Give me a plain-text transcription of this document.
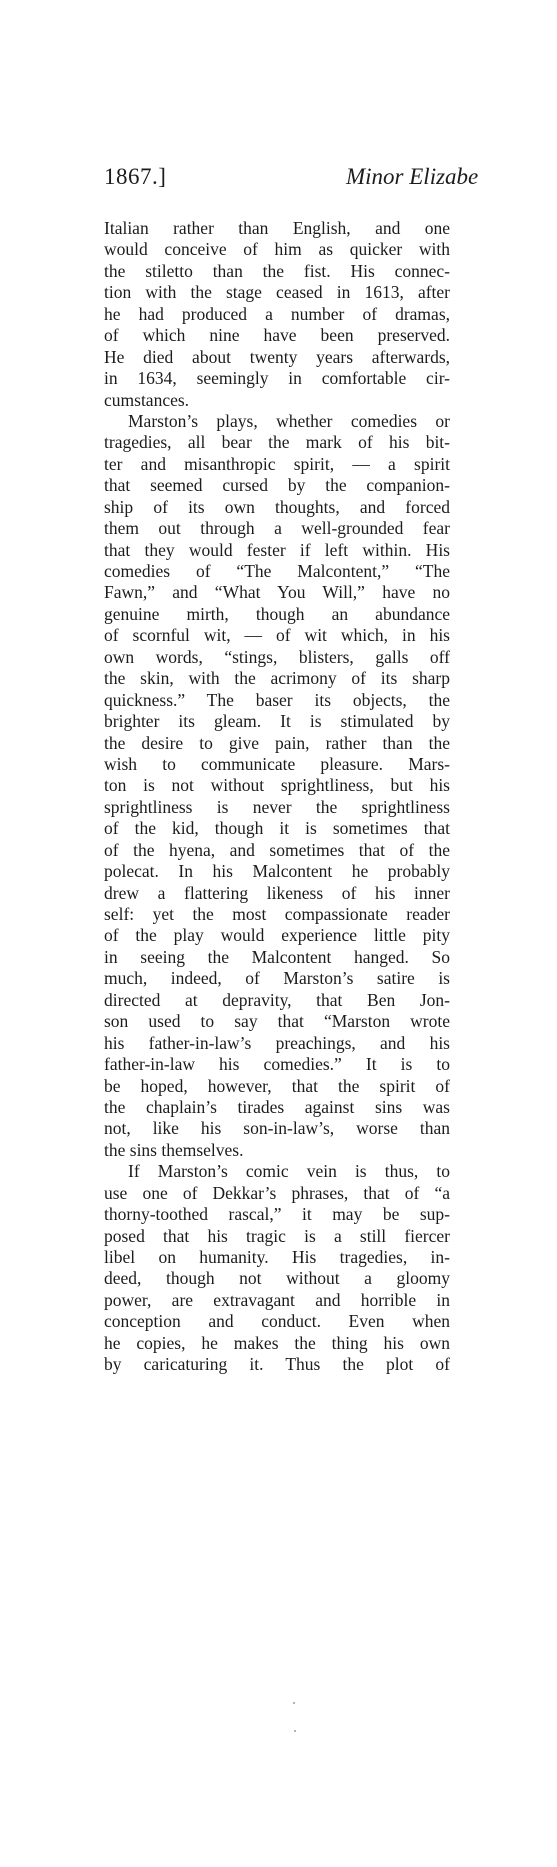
1867.]	Minor Elizabe
Italian rather than English, and one
would conceive of him as quicker with
the stiletto than the fist. His connec-
tion with the stage ceased in 1613, after
he had produced a number of dramas,
of which nine have been preserved.
He died about twenty years afterwards,
in 1634, seemingly in comfortable cir-
cumstances.
Marston’s plays, whether comedies or
tragedies, all bear the mark of his bit-
ter and misanthropic spirit, — a spirit
that seemed cursed by the companion-
ship of its own thoughts, and forced
them out through a well-grounded fear
that they would fester if left within. His
comedies of “The Malcontent,” “The
Fawn,” and “What You Will,” have no
genuine mirth, though an abundance
of scornful wit, — of wit which, in his
own words, “stings, blisters, galls off
the skin, with the acrimony of its sharp
quickness.” The baser its objects, the
brighter its gleam. It is stimulated by
the desire to give pain, rather than the
wish to communicate pleasure. Mars-
ton is not without sprightliness, but his
sprightliness is never the sprightliness
of the kid, though it is sometimes that
of the hyena, and sometimes that of the
polecat. In his Malcontent he probably
drew a flattering likeness of his inner
self: yet the most compassionate reader
of the play would experience little pity
in seeing the Malcontent hanged. So
much, indeed, of Marston’s satire is
directed at depravity, that Ben Jon-
son used to say that “Marston wrote
his father-in-law’s preachings, and his
father-in-law his comedies.” It is to
be hoped, however, that the spirit of
the chaplain’s tirades against sins was
not, like his son-in-law’s, worse than
the sins themselves.
If Marston’s comic vein is thus, to
use one of Dekkar’s phrases, that of “a
thorny-toothed rascal,” it may be sup-
posed that his tragic is a still fiercer
libel on humanity. His tragedies, in-
deed, though not without a gloomy
power, are extravagant and horrible in
conception and conduct. Even when
he copies, he makes the thing his own
by caricaturing it. Thus the plot of
